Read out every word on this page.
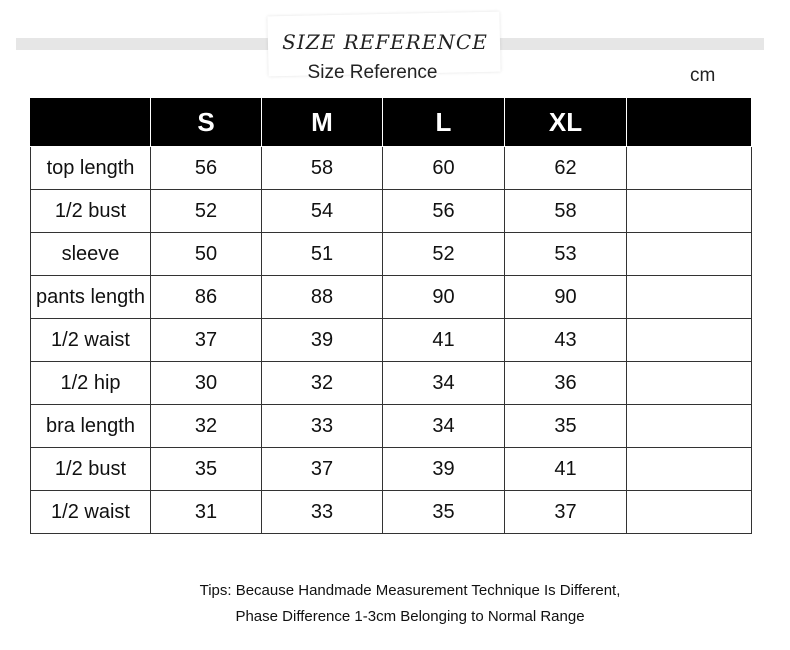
SIZE REFERENCE
Size Reference	cm
	S	M	L	XL	
top length	56	58	60	62	
1/2 bust	52	54	56	58	
sleeve	50	51	52	53	
pants length	86	88	90	90	
1/2 waist	37	39	41	43	
1/2 hip	30	32	34	36	
bra length	32	33	34	35	
1/2 bust	35	37	39	41	
1/2 waist	31	33	35	37	
Tips: Because Handmade Measurement Technique Is Different,
Phase Difference 1-3cm Belonging to Normal Range
